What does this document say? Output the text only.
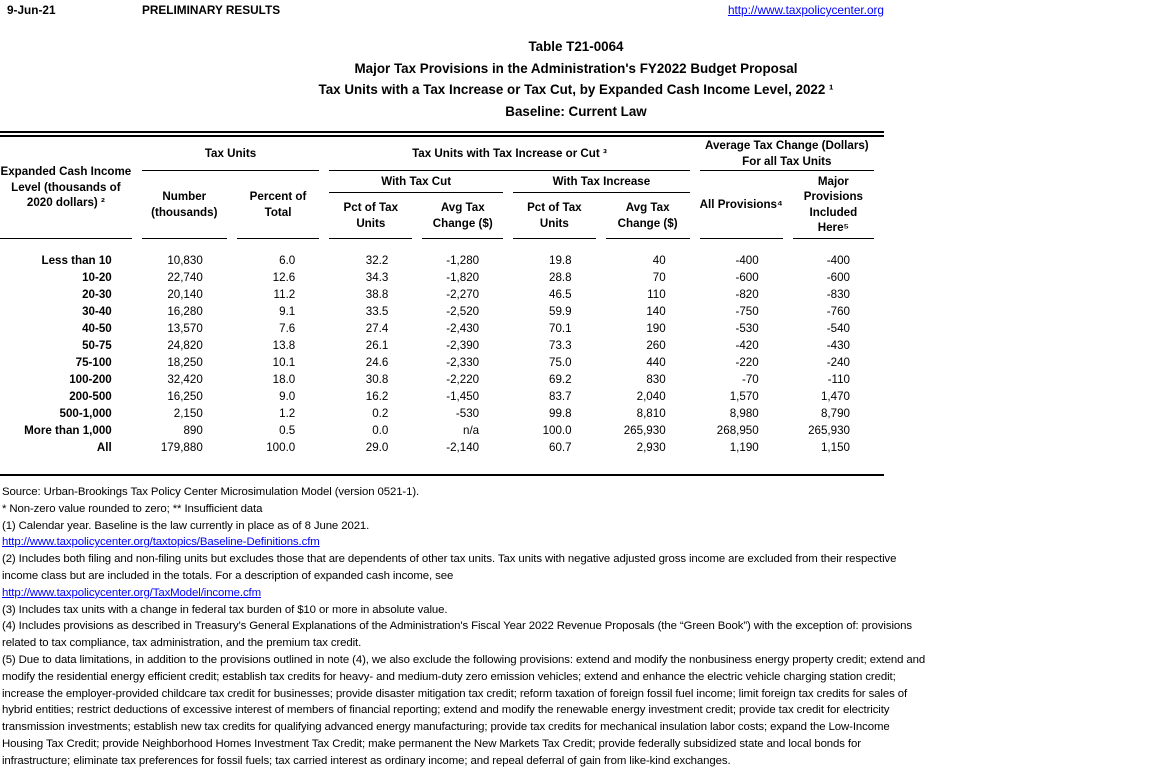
9-Jun-21	PRELIMINARY RESULTS	http://www.taxpolicycenter.org
Table T21-0064
Major Tax Provisions in the Administration's FY2022 Budget Proposal
Tax Units with a Tax Increase or Tax Cut, by Expanded Cash Income Level, 2022 ¹
Baseline: Current Law
Expanded Cash Income Level (thousands of 2020 dollars) ²	Tax Units		Tax Units with Tax Increase or Cut ³				Average Tax Change (Dollars) For all Tax Units	
	Number (thousands)	Percent of Total	With Tax Cut		With Tax Increase		All Provisions⁴	Major Provisions Included Here⁵
			Pct of Tax Units	Avg Tax Change ($)	Pct of Tax Units	Avg Tax Change ($)		
Less than 10	10,830	6.0	32.2	-1,280	19.8	40	-400	-400
10-20	22,740	12.6	34.3	-1,820	28.8	70	-600	-600
20-30	20,140	11.2	38.8	-2,270	46.5	110	-820	-830
30-40	16,280	9.1	33.5	-2,520	59.9	140	-750	-760
40-50	13,570	7.6	27.4	-2,430	70.1	190	-530	-540
50-75	24,820	13.8	26.1	-2,390	73.3	260	-420	-430
75-100	18,250	10.1	24.6	-2,330	75.0	440	-220	-240
100-200	32,420	18.0	30.8	-2,220	69.2	830	-70	-110
200-500	16,250	9.0	16.2	-1,450	83.7	2,040	1,570	1,470
500-1,000	2,150	1.2	0.2	-530	99.8	8,810	8,980	8,790
More than 1,000	890	0.5	0.0	n/a	100.0	265,930	268,950	265,930
All	179,880	100.0	29.0	-2,140	60.7	2,930	1,190	1,150
Source: Urban-Brookings Tax Policy Center Microsimulation Model (version 0521-1).
* Non-zero value rounded to zero; ** Insufficient data
(1) Calendar year. Baseline is the law currently in place as of 8 June 2021.
http://www.taxpolicycenter.org/taxtopics/Baseline-Definitions.cfm
(2) Includes both filing and non-filing units but excludes those that are dependents of other tax units. Tax units with negative adjusted gross income are excluded from their respective income class but are included in the totals. For a description of expanded cash income, see
http://www.taxpolicycenter.org/TaxModel/income.cfm
(3) Includes tax units with a change in federal tax burden of $10 or more in absolute value.
(4) Includes provisions as described in Treasury’s General Explanations of the Administration's Fiscal Year 2022 Revenue Proposals (the “Green Book”) with the exception of: provisions related to tax compliance, tax administration, and the premium tax credit.
(5) Due to data limitations, in addition to the provisions outlined in note (4), we also exclude the following provisions: extend and modify the nonbusiness energy property credit; extend and modify the residential energy efficient credit; establish tax credits for heavy- and medium-duty zero emission vehicles; extend and enhance the electric vehicle charging station credit; increase the employer-provided childcare tax credit for businesses; provide disaster mitigation tax credit; reform taxation of foreign fossil fuel income; limit foreign tax credits for sales of hybrid entities; restrict deductions of excessive interest of members of financial reporting; extend and modify the renewable energy investment credit; provide tax credit for electricity transmission investments; establish new tax credits for qualifying advanced energy manufacturing; provide tax credits for mechanical insulation labor costs; expand the Low-Income Housing Tax Credit; provide Neighborhood Homes Investment Tax Credit; make permanent the New Markets Tax Credit; provide federally subsidized state and local bonds for infrastructure; eliminate tax preferences for fossil fuels; tax carried interest as ordinary income; and repeal deferral of gain from like-kind exchanges.
